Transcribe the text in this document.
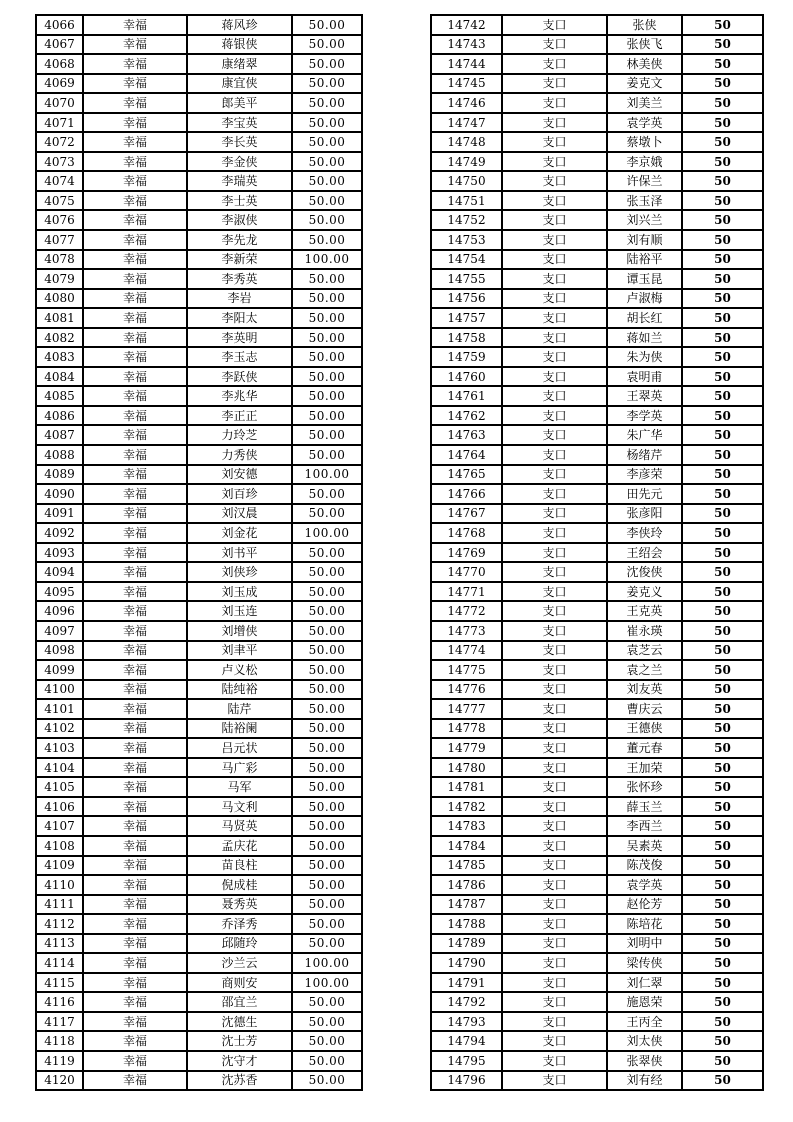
4066	幸福	蒋风珍	50.00
4067	幸福	蒋银侠	50.00
4068	幸福	康绪翠	50.00
4069	幸福	康宜侠	50.00
4070	幸福	郎美平	50.00
4071	幸福	李宝英	50.00
4072	幸福	李长英	50.00
4073	幸福	李金侠	50.00
4074	幸福	李瑞英	50.00
4075	幸福	李士英	50.00
4076	幸福	李淑侠	50.00
4077	幸福	李先龙	50.00
4078	幸福	李新荣	100.00
4079	幸福	李秀英	50.00
4080	幸福	李岩	50.00
4081	幸福	李阳太	50.00
4082	幸福	李英明	50.00
4083	幸福	李玉志	50.00
4084	幸福	李跃侠	50.00
4085	幸福	李兆华	50.00
4086	幸福	李正正	50.00
4087	幸福	力玲芝	50.00
4088	幸福	力秀侠	50.00
4089	幸福	刘安德	100.00
4090	幸福	刘百珍	50.00
4091	幸福	刘汉晨	50.00
4092	幸福	刘金花	100.00
4093	幸福	刘书平	50.00
4094	幸福	刘侠珍	50.00
4095	幸福	刘玉成	50.00
4096	幸福	刘玉连	50.00
4097	幸福	刘增侠	50.00
4098	幸福	刘聿平	50.00
4099	幸福	卢义松	50.00
4100	幸福	陆纯裕	50.00
4101	幸福	陆芹	50.00
4102	幸福	陆裕阑	50.00
4103	幸福	吕元状	50.00
4104	幸福	马广彩	50.00
4105	幸福	马军	50.00
4106	幸福	马文利	50.00
4107	幸福	马贤英	50.00
4108	幸福	孟庆花	50.00
4109	幸福	苗良柱	50.00
4110	幸福	倪成桂	50.00
4111	幸福	聂秀英	50.00
4112	幸福	乔泽秀	50.00
4113	幸福	邱随玲	50.00
4114	幸福	沙兰云	100.00
4115	幸福	商则安	100.00
4116	幸福	邵宜兰	50.00
4117	幸福	沈德生	50.00
4118	幸福	沈士芳	50.00
4119	幸福	沈守才	50.00
4120	幸福	沈苏香	50.00
14742	支口	张侠	50
14743	支口	张侠飞	50
14744	支口	林美侠	50
14745	支口	姜克文	50
14746	支口	刘美兰	50
14747	支口	袁学英	50
14748	支口	蔡墩卜	50
14749	支口	李京娥	50
14750	支口	许保兰	50
14751	支口	张玉泽	50
14752	支口	刘兴兰	50
14753	支口	刘有顺	50
14754	支口	陆裕平	50
14755	支口	谭玉昆	50
14756	支口	卢淑梅	50
14757	支口	胡长红	50
14758	支口	蒋如兰	50
14759	支口	朱为侠	50
14760	支口	袁明甫	50
14761	支口	王翠英	50
14762	支口	李学英	50
14763	支口	朱广华	50
14764	支口	杨绪芹	50
14765	支口	李彦荣	50
14766	支口	田先元	50
14767	支口	张彦阳	50
14768	支口	李侠玲	50
14769	支口	王绍会	50
14770	支口	沈俊侠	50
14771	支口	姜克义	50
14772	支口	王克英	50
14773	支口	崔永瑛	50
14774	支口	袁芝云	50
14775	支口	袁之兰	50
14776	支口	刘友英	50
14777	支口	曹庆云	50
14778	支口	王德侠	50
14779	支口	董元春	50
14780	支口	王加荣	50
14781	支口	张怀珍	50
14782	支口	薛玉兰	50
14783	支口	李西兰	50
14784	支口	吴素英	50
14785	支口	陈茂俊	50
14786	支口	袁学英	50
14787	支口	赵伦芳	50
14788	支口	陈培花	50
14789	支口	刘明中	50
14790	支口	梁传侠	50
14791	支口	刘仁翠	50
14792	支口	施恩荣	50
14793	支口	王丙全	50
14794	支口	刘太侠	50
14795	支口	张翠侠	50
14796	支口	刘有经	50
